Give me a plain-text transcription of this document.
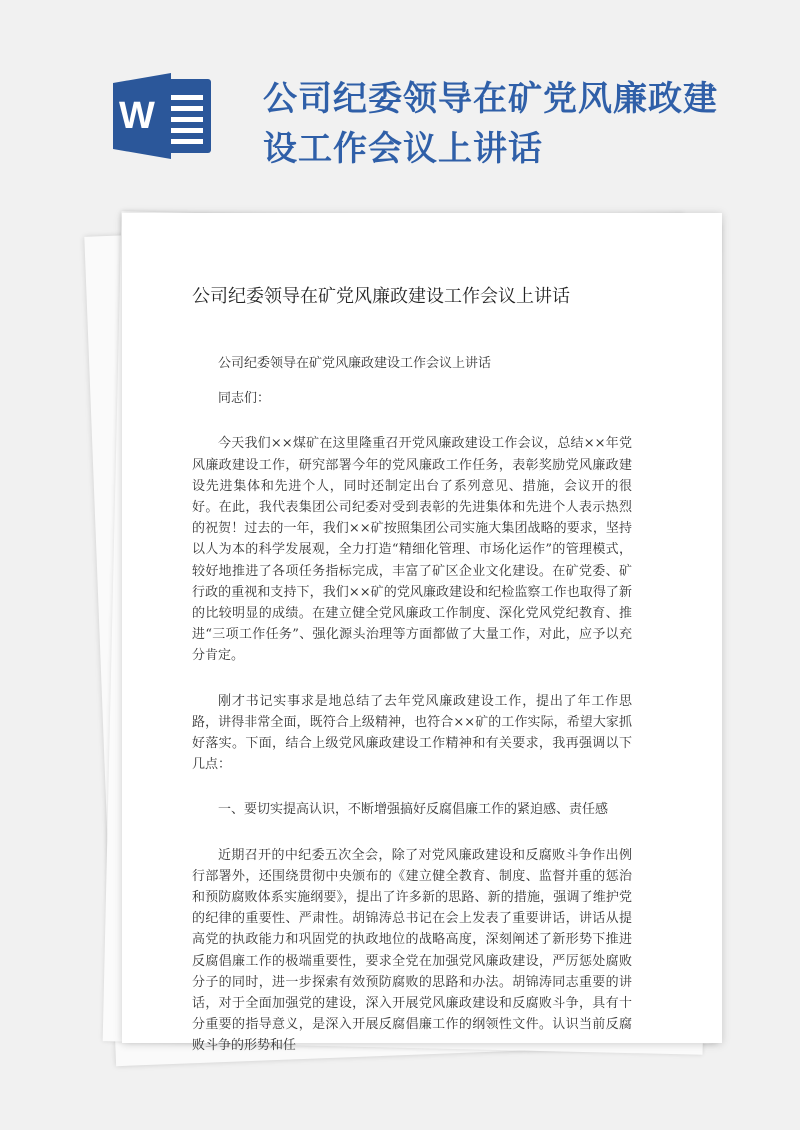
W	公司纪委领导在矿党风廉政建设工作会议上讲话
公司纪委领导在矿党风廉政建设工作会议上讲话

公司纪委领导在矿党风廉政建设工作会议上讲话

同志们：

今天我们××煤矿在这里隆重召开党风廉政建设工作会议，总结××年党风廉政建设工作，研究部署今年的党风廉政工作任务，表彰奖励党风廉政建设先进集体和先进个人，同时还制定出台了系列意见、措施，会议开的很好。在此，我代表集团公司纪委对受到表彰的先进集体和先进个人表示热烈的祝贺！过去的一年，我们××矿按照集团公司实施大集团战略的要求，坚持以人为本的科学发展观，全力打造“精细化管理、市场化运作”的管理模式，较好地推进了各项任务指标完成，丰富了矿区企业文化建设。在矿党委、矿行政的重视和支持下，我们××矿的党风廉政建设和纪检监察工作也取得了新的比较明显的成绩。在建立健全党风廉政工作制度、深化党风党纪教育、推进“三项工作任务”、强化源头治理等方面都做了大量工作，对此，应予以充分肯定。

刚才书记实事求是地总结了去年党风廉政建设工作，提出了年工作思路，讲得非常全面，既符合上级精神，也符合××矿的工作实际，希望大家抓好落实。下面，结合上级党风廉政建设工作精神和有关要求，我再强调以下几点：

一、要切实提高认识，不断增强搞好反腐倡廉工作的紧迫感、责任感

近期召开的中纪委五次全会，除了对党风廉政建设和反腐败斗争作出例行部署外，还围绕贯彻中央颁布的《建立健全教育、制度、监督并重的惩治和预防腐败体系实施纲要》，提出了许多新的思路、新的措施，强调了维护党的纪律的重要性、严肃性。胡锦涛总书记在会上发表了重要讲话，讲话从提高党的执政能力和巩固党的执政地位的战略高度，深刻阐述了新形势下推进反腐倡廉工作的极端重要性，要求全党在加强党风廉政建设，严厉惩处腐败分子的同时，进一步探索有效预防腐败的思路和办法。胡锦涛同志重要的讲话，对于全面加强党的建设，深入开展党风廉政建设和反腐败斗争，具有十分重要的指导意义，是深入开展反腐倡廉工作的纲领性文件。认识当前反腐败斗争的形势和任
